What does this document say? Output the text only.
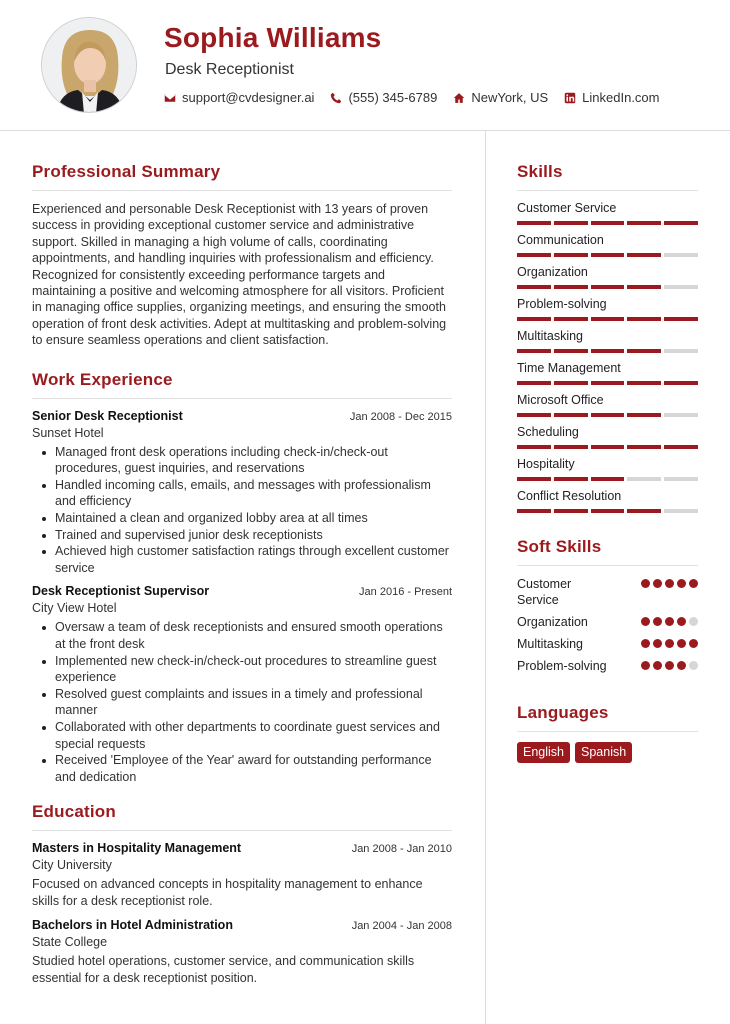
Sophia Williams
Desk Receptionist
support@cvdesigner.ai	(555) 345-6789	NewYork, US	LinkedIn.com
Professional Summary

Experienced and personable Desk Receptionist with 13 years of proven success in providing exceptional customer service and administrative support. Skilled in managing a high volume of calls, coordinating appointments, and handling inquiries with professionalism and efficiency. Recognized for consistently exceeding performance targets and maintaining a positive and welcoming atmosphere for all visitors. Proficient in managing office supplies, organizing meetings, and ensuring the smooth operation of front desk activities. Adept at multitasking and problem-solving to ensure seamless operations and client satisfaction.

Work Experience
Senior Desk Receptionist	Jan 2008 - Dec 2015
Sunset Hotel
Managed front desk operations including check-in/check-out procedures, guest inquiries, and reservations
Handled incoming calls, emails, and messages with professionalism and efficiency
Maintained a clean and organized lobby area at all times
Trained and supervised junior desk receptionists
Achieved high customer satisfaction ratings through excellent customer service
Desk Receptionist Supervisor	Jan 2016 - Present
City View Hotel
Oversaw a team of desk receptionists and ensured smooth operations at the front desk
Implemented new check-in/check-out procedures to streamline guest experience
Resolved guest complaints and issues in a timely and professional manner
Collaborated with other departments to coordinate guest services and special requests
Received 'Employee of the Year' award for outstanding performance and dedication
Education
Masters in Hospitality Management	Jan 2008 - Jan 2010
City University

Focused on advanced concepts in hospitality management to enhance skills for a desk receptionist role.

Bachelors in Hotel Administration	Jan 2004 - Jan 2008
State College

Studied hotel operations, customer service, and communication skills essential for a desk receptionist position.

Skills
Customer Service
Communication
Organization
Problem-solving
Multitasking
Time Management
Microsoft Office
Scheduling
Hospitality
Conflict Resolution
Soft Skills
Customer Service
Organization
Multitasking
Problem-solving
Languages
English	Spanish
